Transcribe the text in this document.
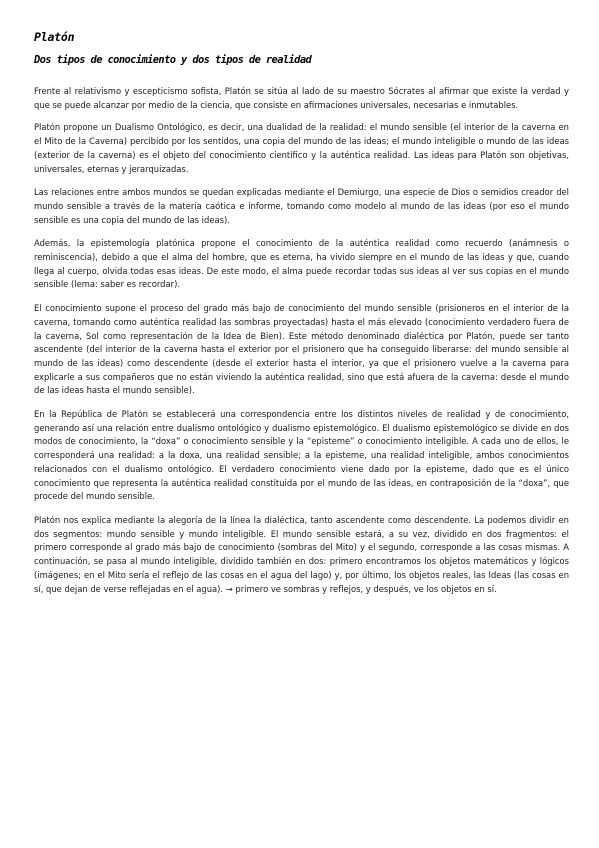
Platón
Dos tipos de conocimiento y dos tipos de realidad

Frente al relativismo y escepticismo sofista, Platón se sitúa al lado de su maestro Sócrates al afirmar que existe la verdad y que se puede alcanzar por medio de la ciencia, que consiste en afirmaciones universales, necesarias e inmutables.

Platón propone un Dualismo Ontológico, es decir, una dualidad de la realidad: el mundo sensible (el interior de la caverna en el Mito de la Caverna) percibido por los sentidos, una copia del mundo de las ideas; el mundo inteligible o mundo de las ideas (exterior de la caverna) es el objeto del conocimiento científico y la auténtica realidad. Las ideas para Platón son objetivas, universales, eternas y jerarquizadas.

Las relaciones entre ambos mundos se quedan explicadas mediante el Demiurgo, una especie de Dios o semidios creador del mundo sensible a través de la materia caótica e informe, tomando como modelo al mundo de las ideas (por eso el mundo sensible es una copia del mundo de las ideas).

Además, la epistemología platónica propone el conocimiento de la auténtica realidad como recuerdo (anámnesis o reminiscencia), debido a que el alma del hombre, que es eterna, ha vivido siempre en el mundo de las ideas y que, cuando llega al cuerpo, olvida todas esas ideas. De este modo, el alma puede recordar todas sus ideas al ver sus copias en el mundo sensible (lema: saber es recordar).

El conocimiento supone el proceso del grado más bajo de conocimiento del mundo sensible (prisioneros en el interior de la caverna, tomando como auténtica realidad las sombras proyectadas) hasta el más elevado (conocimiento verdadero fuera de la caverna, Sol como representación de la Idea de Bien). Este método denominado dialéctica por Platón, puede ser tanto ascendente (del interior de la caverna hasta el exterior por el prisionero que ha conseguido liberarse: del mundo sensible al mundo de las ideas) como descendente (desde el exterior hasta el interior, ya que el prisionero vuelve a la caverna para explicarle a sus compañeros que no están viviendo la auténtica realidad, sino que está afuera de la caverna: desde el mundo de las ideas hasta el mundo sensible).

En la República de Platón se establecerá una correspondencia entre los distintos niveles de realidad y de conocimiento, generando así una relación entre dualismo ontológico y dualismo epistemológico. El dualismo epistemológico se divide en dos modos de conocimiento, la “doxa” o conocimiento sensible y la “episteme” o conocimiento inteligible. A cada uno de ellos, le corresponderá una realidad: a la doxa, una realidad sensible; a la episteme, una realidad inteligible, ambos conocimientos relacionados con el dualismo ontológico. El verdadero conocimiento viene dado por la episteme, dado que es el único conocimiento que representa la auténtica realidad constituida por el mundo de las ideas, en contraposición de la “doxa”, que procede del mundo sensible.

Platón nos explica mediante la alegoría de la línea la dialéctica, tanto ascendente como descendente. La podemos dividir en dos segmentos: mundo sensible y mundo inteligible. El mundo sensible estará, a su vez, dividido en dos fragmentos: el primero corresponde al grado más bajo de conocimiento (sombras del Mito) y el segundo, corresponde a las cosas mismas. A continuación, se pasa al mundo inteligible, dividido también en dos: primero encontramos los objetos matemáticos y lógicos (imágenes; en el Mito sería el reflejo de las cosas en el agua del lago) y, por último, los objetos reales, las Ideas (las cosas en sí, que dejan de verse reflejadas en el agua). → primero ve sombras y reflejos, y después, ve los objetos en sí.
